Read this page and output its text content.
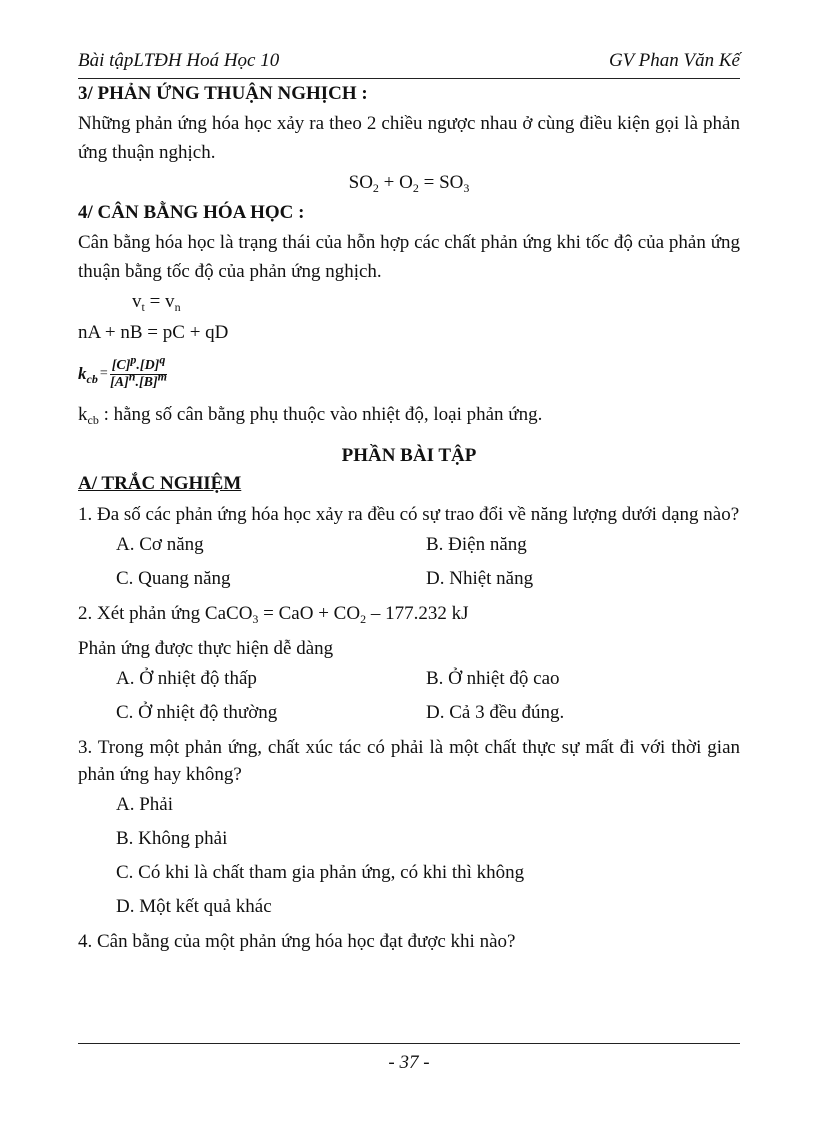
Bài tậpLTĐH Hoá Học 10	GV Phan Văn Kế
3/ PHẢN ỨNG THUẬN NGHỊCH :

Những phản ứng hóa học xảy ra theo 2 chiều ngược nhau ở cùng điều kiện gọi là phản ứng thuận nghịch.

$SO_2 + O_2 = SO_3$

4/ CÂN BẰNG HÓA HỌC :

Cân bằng hóa học là trạng thái của hỗn hợp các chất phản ứng khi tốc độ của phản ứng thuận bằng tốc độ của phản ứng nghịch.

$v_t = v_n$

nA + nB = pC + qD

$k_{cb} = \frac{[C]^p.[D]^q}{[A]^n.[B]^m}$

$k_{cb}$ : hằng số cân bằng phụ thuộc vào nhiệt độ, loại phản ứng.

PHẦN BÀI TẬP
A/ TRẮC NGHIỆM
1. Đa số các phản ứng hóa học xảy ra đều có sự trao đổi về năng lượng dưới dạng nào?
A. Cơ năng	B. Điện năng
C. Quang năng	D. Nhiệt năng
2. Xét phản ứng CaCO$_3$ = CaO + $CO_2 - 177.232$ kJ
Phản ứng được thực hiện dễ dàng
A. Ở nhiệt độ thấp	B. Ở nhiệt độ cao
C. Ở nhiệt độ thường	D. Cả 3 đều đúng.
3. Trong một phản ứng, chất xúc tác có phải là một chất thực sự mất đi với thời gian phản ứng hay không?
A. Phải
B. Không phải
C. Có khi là chất tham gia phản ứng, có khi thì không
D. Một kết quả khác
4. Cân bằng của một phản ứng hóa học đạt được khi nào?
- 37 -
